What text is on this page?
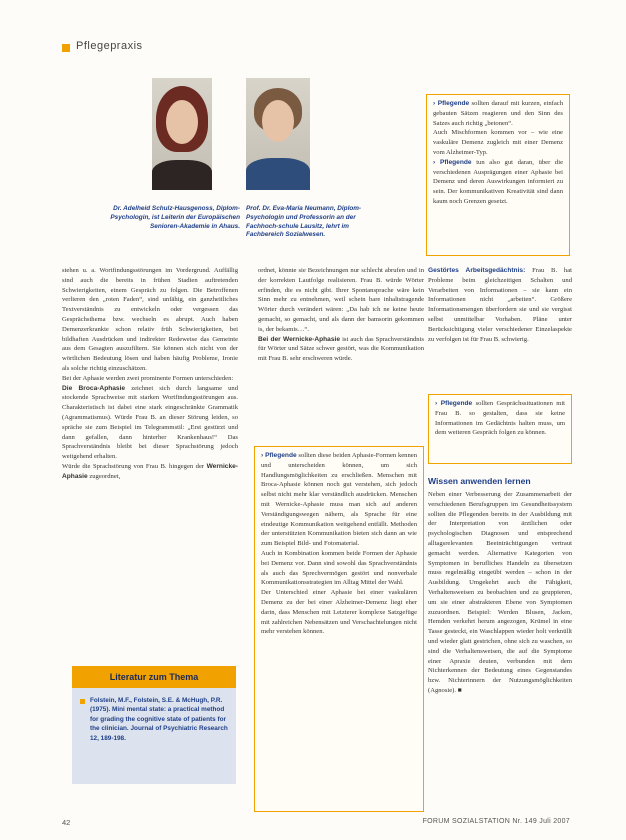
Pflegepraxis
Dr. Adelheid Schulz-Hausgenoss, Diplom-Psychologin, ist Leiterin der Europäischen Senioren-Akademie in Ahaus.
Prof. Dr. Eva-Maria Neumann, Diplom-Psychologin und Professorin an der Fachhoch-schule Lausitz, lehrt im Fachbereich Sozialwesen.

› Pflegende sollten darauf mit kurzen, einfach gebauten Sätzen reagieren und den Sinn des Satzes auch richtig „betonen“.

Auch Mischformen kommen vor – wie eine vaskuläre Demenz zugleich mit einer Demenz vom Alzheimer-Typ.

› Pflegende tun also gut daran, über die verschiedenen Ausprägungen einer Aphasie bei Demenz und deren Auswirkungen informiert zu sein. Der kommunikativen Kreativität sind dann kaum noch Grenzen gesetzt.

stehen u. a. Wortfindungsstörungen im Vordergrund. Auffällig sind auch die bereits in frühen Stadien auftretenden Schwierigkeiten, einem Gespräch zu folgen. Die Betroffenen verlieren den „roten Faden“, sind unfähig, ein ganzheitliches Textverständnis zu entwickeln oder vergessen das Gesprächsthema bzw. wechseln es abrupt. Auch haben Demenzerkrankte schon relativ früh Schwierigkeiten, bei bildhaften Ausdrücken und indirekter Redeweise das Gemeinte aus dem Gesagten auszufiltern. Sie können sich nicht von der wörtlichen Bedeutung lösen und haben häufig Probleme, Ironie als solche richtig einzuschätzen.

Bei der Aphasie werden zwei prominente Formen unterschieden:

Die Broca-Aphasie zeichnet sich durch langsame und stockende Sprachweise mit starken Wortfindungsstörungen aus. Charakteristisch ist dabei eine stark eingeschränkte Grammatik (Agrammatismus). Würde Frau B. an dieser Störung leiden, so spräche sie zum Beispiel im Telegrammstil: „Erst gestürzt und dann gefallen, dann hinterher Krankenhaus!“ Das Sprachverständnis bleibt bei dieser Sprachstörung jedoch weitgehend erhalten.

Würde die Sprachstörung von Frau B. hingegen der Wernicke-Aphasie zugeordnet,

Literatur zum Thema
Folstein, M.F., Folstein, S.E. & McHugh, P.R. (1975). Mini mental state: a practical method for grading the cognitive state of patients for the clinician. Journal of Psychiatric Research 12, 189-198.

ordnet, könnte sie Bezeichnungen nur schlecht abrufen und in der korrekten Lautfolge realisieren. Frau B. würde Wörter erfinden, die es nicht gibt. Ihrer Spontansprache wäre kein Sinn mehr zu entnehmen, weil schein bare inhaltstragende Wörter durch verändert wären: „Da hab ich ne keine heute gemacht, so gemacht, und als dann der bamsorin gekommen is, der bekamis…“.

Bei der Wernicke-Aphasie ist auch das Sprachverständnis für Wörter und Sätze schwer gestört, was die Kommunikation mit Frau B. sehr erschweren würde.

› Pflegende sollten diese beiden Aphasie-Formen kennen und unterscheiden können, um sich Handlungsmöglichkeiten zu erschließen. Menschen mit Broca-Aphasie können noch gut verstehen, sich jedoch selbst nicht mehr klar verständlich ausdrücken. Menschen mit Wernicke-Aphasie muss man sich auf anderen Verständigungswegen nähern, als Sprache für eine eindeutige Kommunikation weitgehend entfällt. Methoden der unterstützten Kommunikation bieten sich dann an wie zum Beispiel Bild- und Fotomaterial.

Auch in Kombination kommen beide Formen der Aphasie bei Demenz vor. Dann sind sowohl das Sprachverständnis als auch das Sprechvermögen gestört und nonverbale Kommunikationsstrategien im Alltag Mittel der Wahl.

Der Unterschied einer Aphasie bei einer vaskulären Demenz zu der bei einer Alzheimer-Demenz liegt eher darin, dass Menschen mit Letzterer komplexe Satzgefüge mit zahlreichen Nebensätzen und Verschachtelungen nicht mehr verstehen können.

Gestörtes Arbeitsgedächtnis: Frau B. hat Probleme beim gleichzeitigen Schalten und Verarbeiten von Informationen – sie kann ein Informationen nicht „arbeiten“. Größere Informationsmengen überfordern sie und sie vergisst selbst unmittelbar Vorhaben. Pläne unter Berücksichtigung vieler verschiedener Einzelaspekte zu verfolgen ist für Frau B. schwierig.

› Pflegende sollten Gesprächssituationen mit Frau B. so gestalten, dass sie keine Informationen im Gedächtnis halten muss, um dem weiteren Gespräch folgen zu können.

Wissen anwenden lernen

Neben einer Verbesserung der Zusammenarbeit der verschiedenen Berufsgruppen im Gesundheitssystem sollten die Pflegenden bereits in der Ausbildung mit der Interpretation von ärztlichen oder psychologischen Diagnosen und entsprechend alltagsrelevanten Beeinträchtigungen vertraut gemacht werden. Alternative Kategorien von Symptomen in berufliches Handeln zu übersetzen muss regelmäßig eingeübt werden – schon in der Ausbildung. Umgekehrt auch die Fähigkeit, Verhaltensweisen zu beobachten und zu gruppieren, um sie einer abstrakteren Ebene von Symptomen zuzuordnen. Beispiel: Werden Blusen, Jacken, Hemden verkehrt herum angezogen, Krümel in eine Tasse gesteckt, ein Waschlappen wieder holt verknüllt und wieder glatt gestrichen, ohne sich zu waschen, so sind die Verhaltensweisen, die auf die Symptome einer Apraxie deuten, verbunden mit dem Nichterkennen der Bedeutung eines Gegenstandes bzw. Nichterinnern der Nutzungsmöglichkeiten (Agnosie). ■

42	FORUM SOZIALSTATION Nr. 149 Juli 2007
